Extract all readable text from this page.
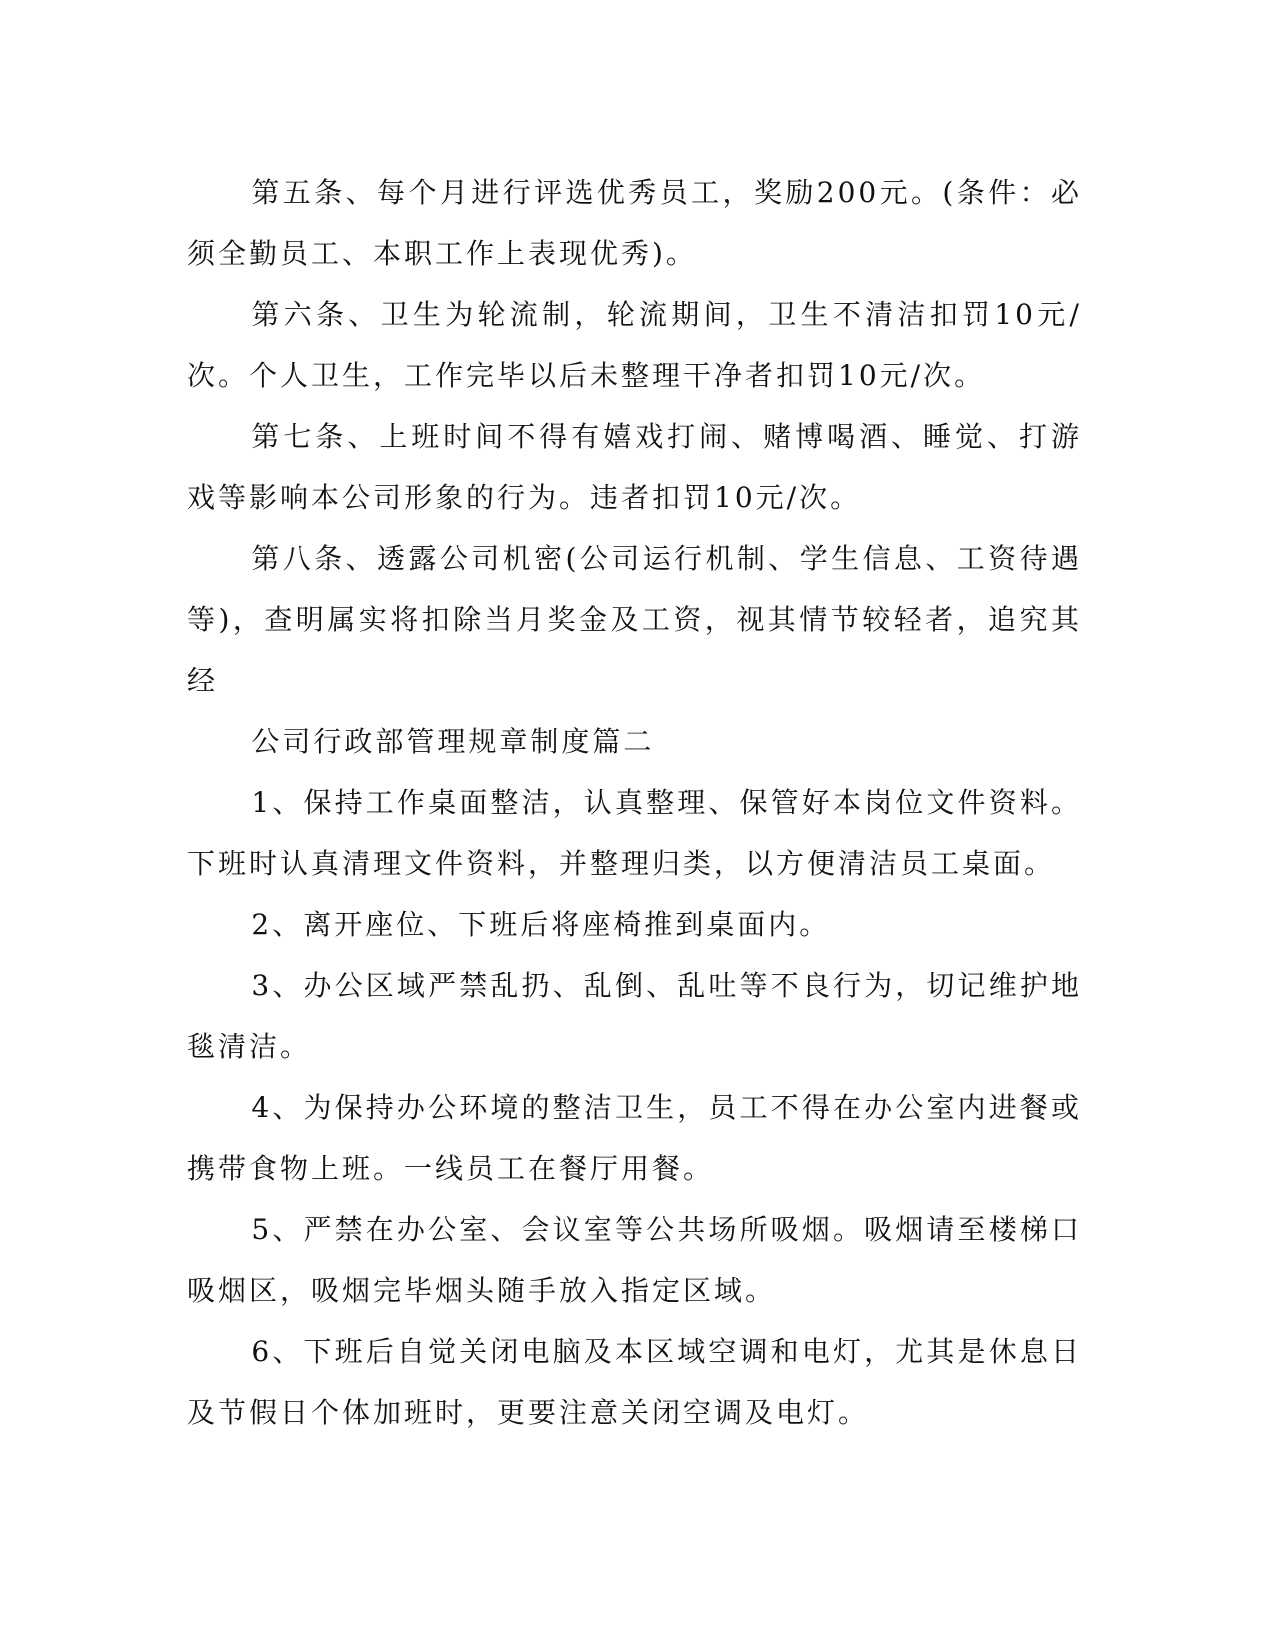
第五条、每个月进行评选优秀员工，奖励200元。(条件：必须全勤员工、本职工作上表现优秀)。

第六条、卫生为轮流制，轮流期间，卫生不清洁扣罚10元/次。个人卫生，工作完毕以后未整理干净者扣罚10元/次。

第七条、上班时间不得有嬉戏打闹、赌博喝酒、睡觉、打游戏等影响本公司形象的行为。违者扣罚10元/次。

第八条、透露公司机密(公司运行机制、学生信息、工资待遇等)，查明属实将扣除当月奖金及工资，视其情节较轻者，追究其经

公司行政部管理规章制度篇二

1、保持工作桌面整洁，认真整理、保管好本岗位文件资料。下班时认真清理文件资料，并整理归类，以方便清洁员工桌面。

2、离开座位、下班后将座椅推到桌面内。

3、办公区域严禁乱扔、乱倒、乱吐等不良行为，切记维护地毯清洁。

4、为保持办公环境的整洁卫生，员工不得在办公室内进餐或携带食物上班。一线员工在餐厅用餐。

5、严禁在办公室、会议室等公共场所吸烟。吸烟请至楼梯口吸烟区，吸烟完毕烟头随手放入指定区域。

6、下班后自觉关闭电脑及本区域空调和电灯，尤其是休息日及节假日个体加班时，更要注意关闭空调及电灯。
